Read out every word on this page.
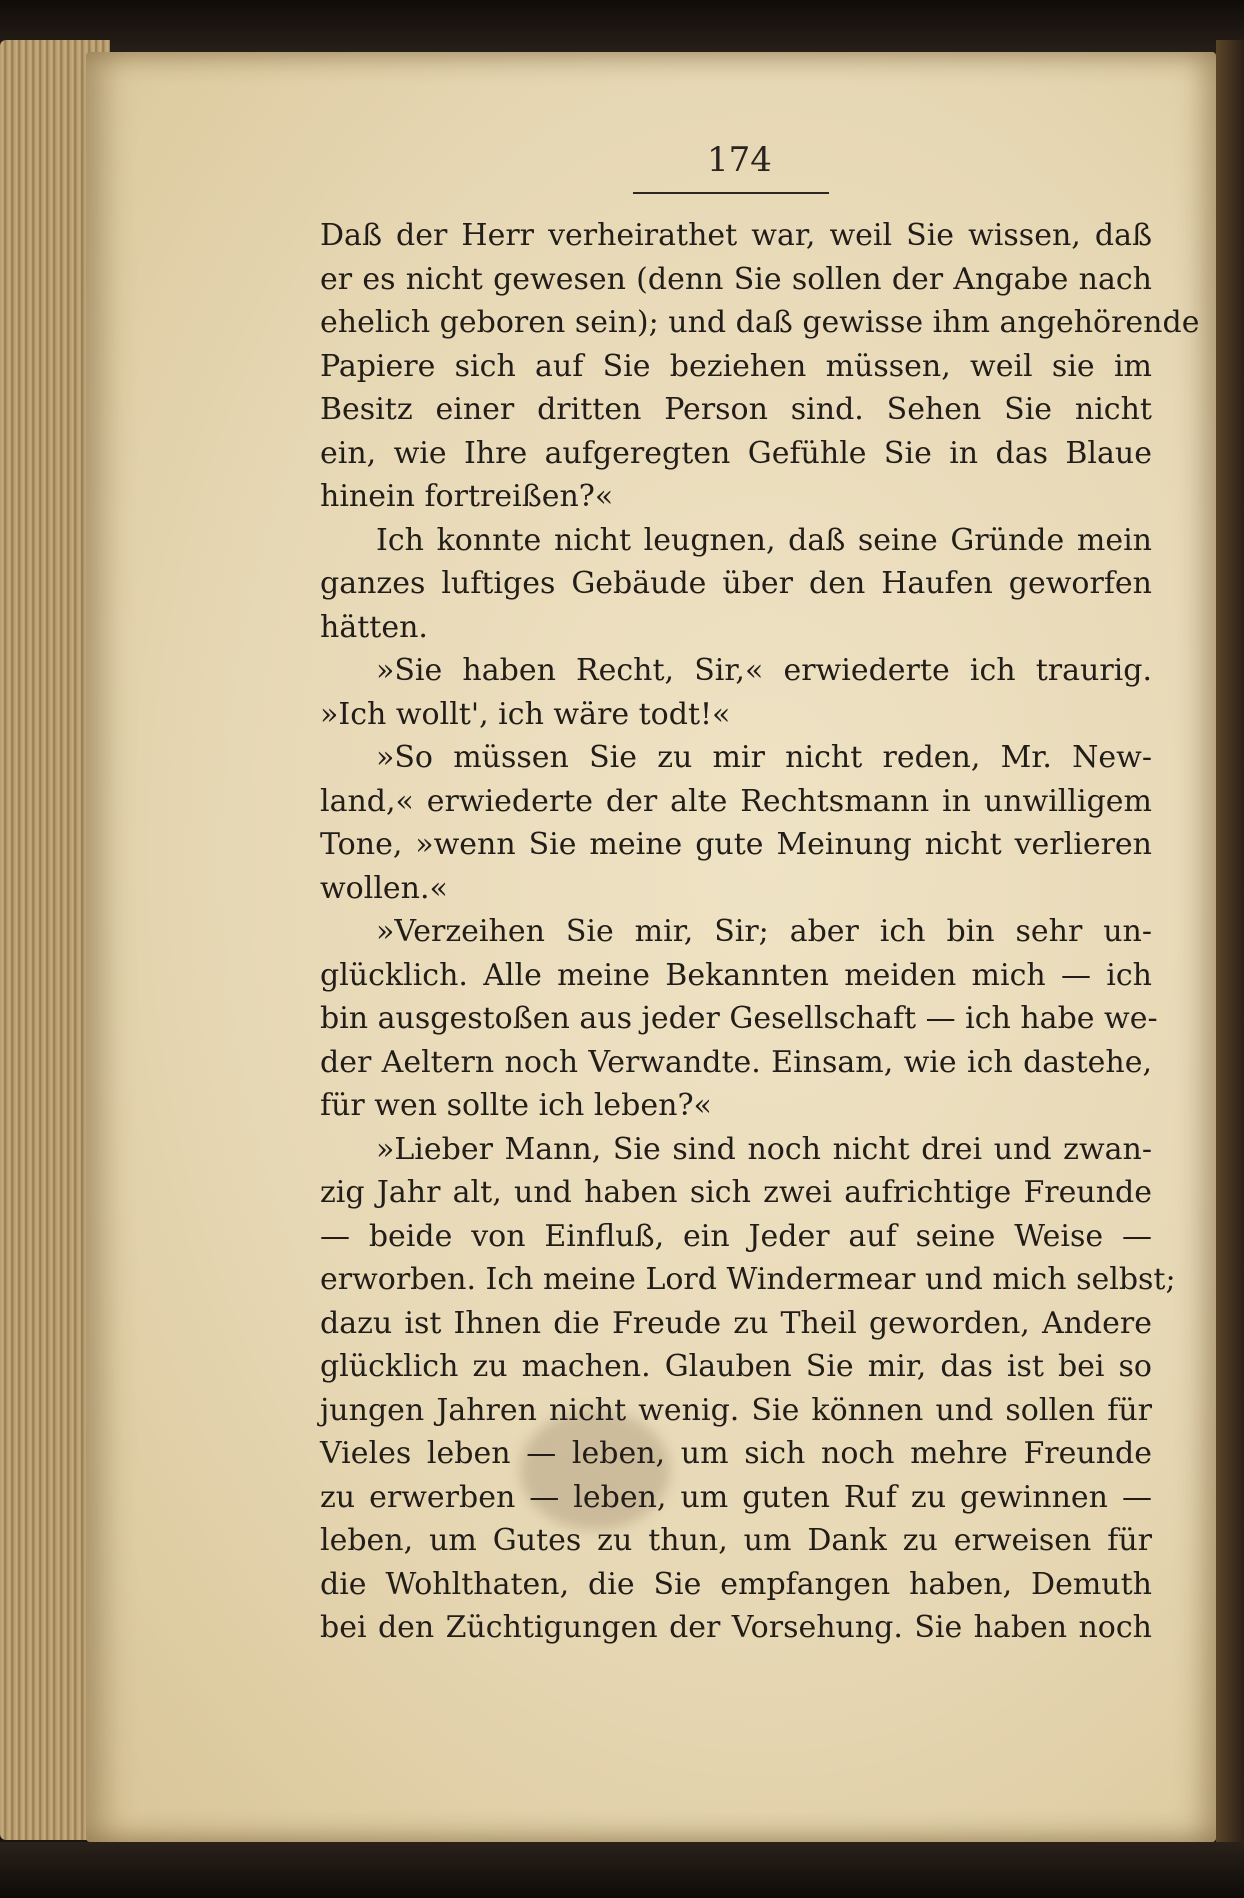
174
Daß der Herr verheirathet war, weil Sie wissen, daß
er es nicht gewesen (denn Sie sollen der Angabe nach
ehelich geboren sein); und daß gewisse ihm angehörende
Papiere sich auf Sie beziehen müssen, weil sie im
Besitz einer dritten Person sind. Sehen Sie nicht
ein, wie Ihre aufgeregten Gefühle Sie in das Blaue
hinein fortreißen?«
Ich konnte nicht leugnen, daß seine Gründe mein
ganzes luftiges Gebäude über den Haufen geworfen
hätten.
»Sie haben Recht, Sir,« erwiederte ich traurig.
»Ich wollt', ich wäre todt!«
»So müssen Sie zu mir nicht reden, Mr. New-
land,« erwiederte der alte Rechtsmann in unwilligem
Tone, »wenn Sie meine gute Meinung nicht verlieren
wollen.«
»Verzeihen Sie mir, Sir; aber ich bin sehr un-
glücklich. Alle meine Bekannten meiden mich — ich
bin ausgestoßen aus jeder Gesellschaft — ich habe we-
der Aeltern noch Verwandte. Einsam, wie ich dastehe,
für wen sollte ich leben?«
»Lieber Mann, Sie sind noch nicht drei und zwan-
zig Jahr alt, und haben sich zwei aufrichtige Freunde
— beide von Einfluß, ein Jeder auf seine Weise —
erworben. Ich meine Lord Windermear und mich selbst;
dazu ist Ihnen die Freude zu Theil geworden, Andere
glücklich zu machen. Glauben Sie mir, das ist bei so
jungen Jahren nicht wenig. Sie können und sollen für
Vieles leben — leben, um sich noch mehre Freunde
zu erwerben — leben, um guten Ruf zu gewinnen —
leben, um Gutes zu thun, um Dank zu erweisen für
die Wohlthaten, die Sie empfangen haben, Demuth
bei den Züchtigungen der Vorsehung. Sie haben noch
